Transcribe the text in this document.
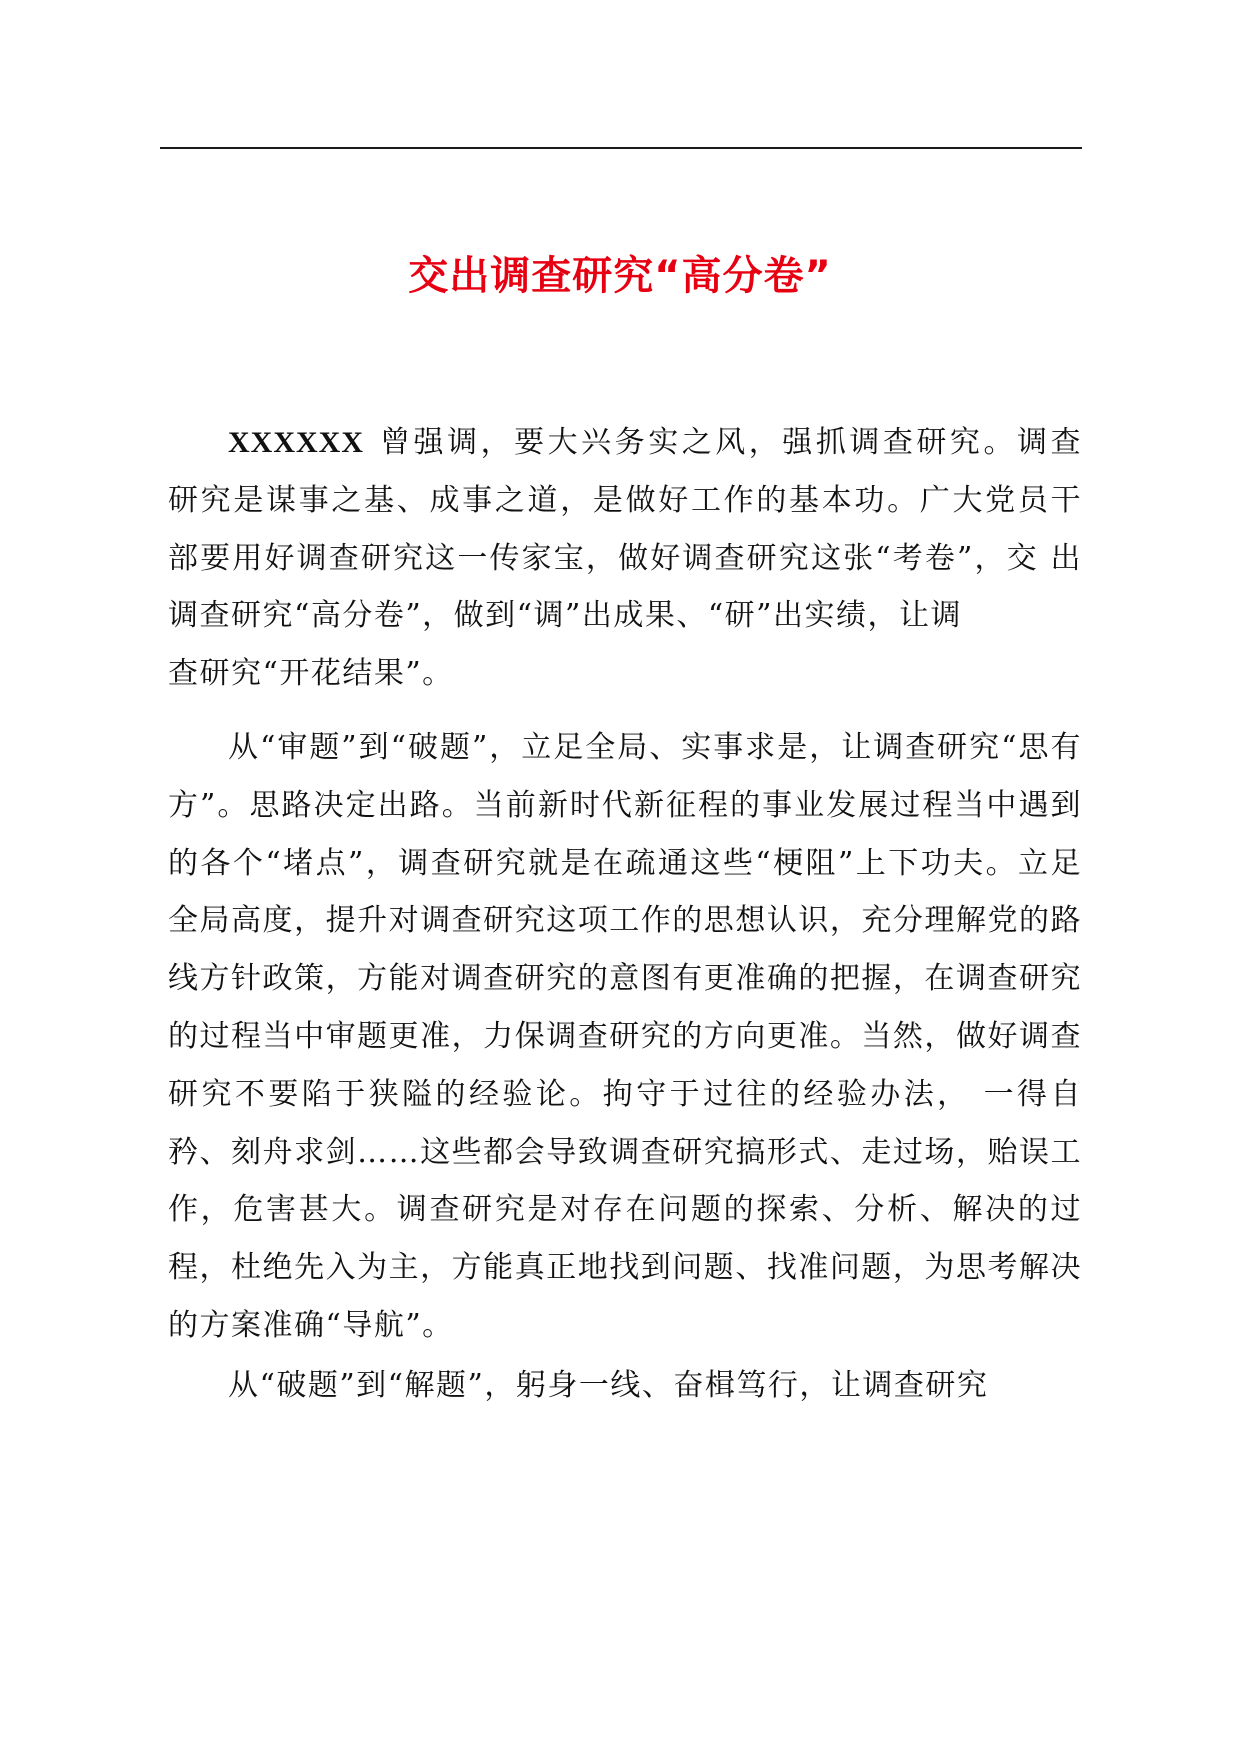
交出调查研究“高分卷”

XXXXXX 曾强调，要大兴务实之风，强抓调查研究。调查 研究是谋事之基、成事之道，是做好工作的基本功。广大党员干 部要用好调查研究这一传家宝，做好调查研究这张“考卷”，交 出调查研究“高分卷”，做到“调”出成果、“研”出实绩，让调
查研究“开花结果”。

从“审题”到“破题”，立足全局、实事求是，让调查研究“思有方”。思路决定出路。当前新时代新征程的事业发展过程当中遇到的各个“堵点”，调查研究就是在疏通这些“梗阻”上下功夫。立足全局高度，提升对调查研究这项工作的思想认识，充分理解党的路线方针政策，方能对调查研究的意图有更准确的把握，在调查研究的过程当中审题更准，力保调查研究的方向更准。当然，做好调查研究不要陷于狭隘的经验论。拘守于过往的经验办法， 一得自矜、刻舟求剑……这些都会导致调查研究搞形式、走过场，贻误工作，危害甚大。调查研究是对存在问题的探索、分析、解决的过程，杜绝先入为主，方能真正地找到问题、找准问题，为思考解决的方案准确“导航”。

从“破题”到“解题”，躬身一线、奋楫笃行，让调查研究
